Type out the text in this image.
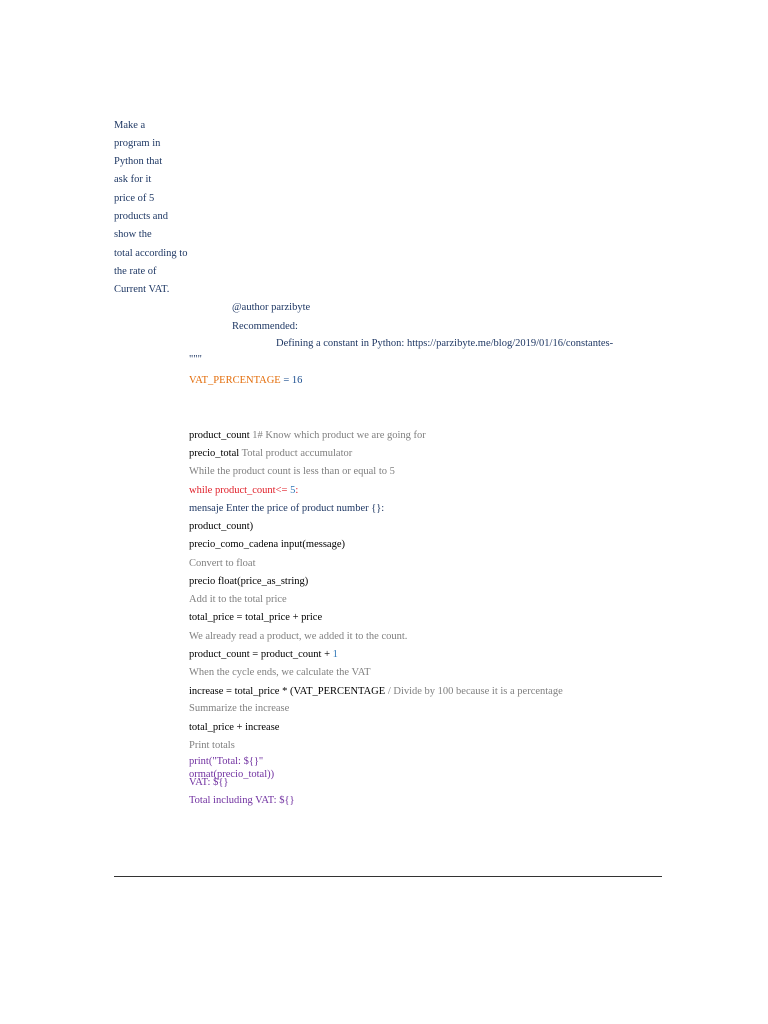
Make a
program in
Python that
ask for it
price of 5
products and
show the
total according to
the rate of
Current VAT.
@author parzibyte
Recommended:
Defining a constant in Python: https://parzibyte.me/blog/2019/01/16/constantes-
"""
VAT_PERCENTAGE = 16
product_count 1# Know which product we are going for
precio_total Total product accumulator
While the product count is less than or equal to 5
while product_count<= 5:
mensaje Enter the price of product number {}:
product_count)
precio_como_cadena input(message)
Convert to float
precio float(price_as_string)
Add it to the total price
total_price = total_price + price
We already read a product, we added it to the count.
product_count = product_count + 1
When the cycle ends, we calculate the VAT
increase = total_price * (VAT_PERCENTAGE / Divide by 100 because it is a percentage
Summarize the increase
total_price + increase
Print totals
print("Total: ${}"
ormat(precio_total))
VAT: ${}
Total including VAT: ${}
